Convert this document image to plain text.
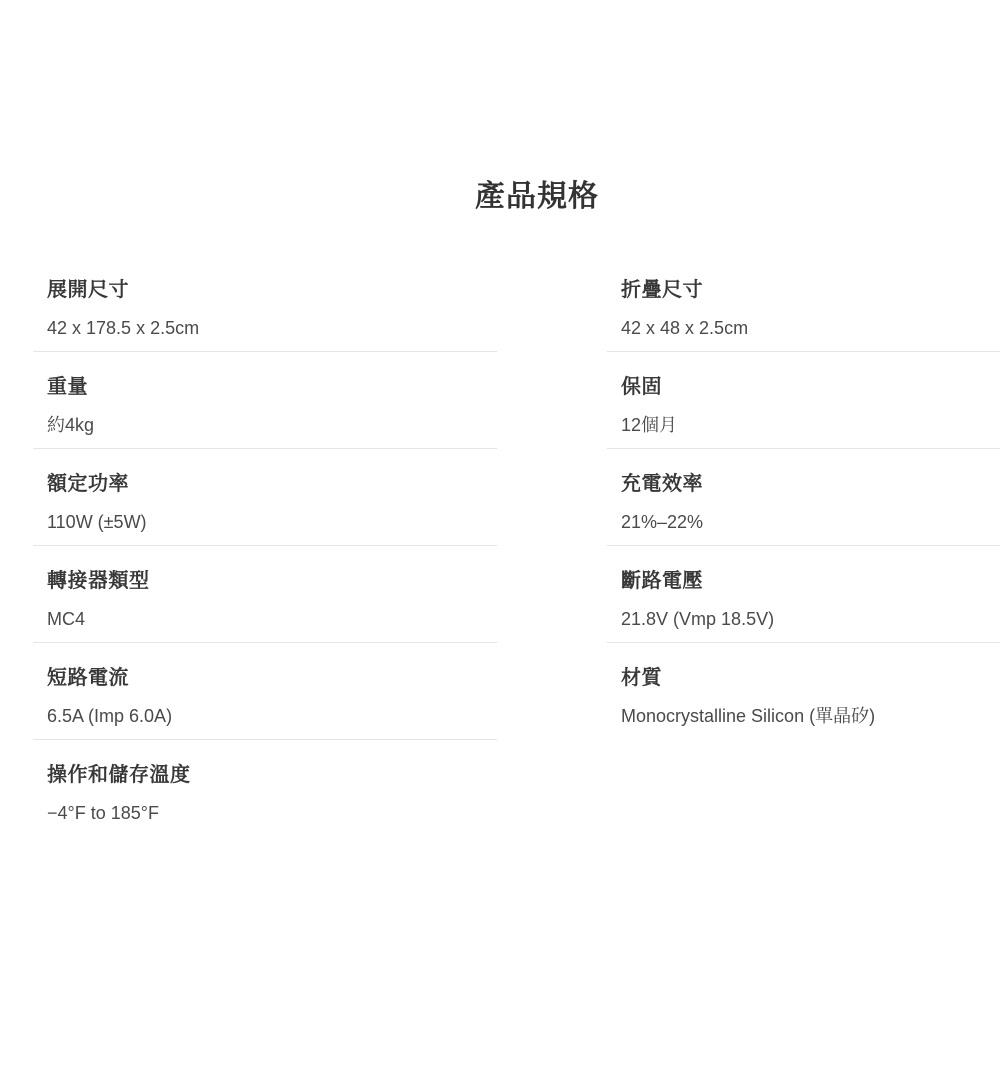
產品規格
展開尺寸
42 x 178.5 x 2.5cm
重量
約4kg
額定功率
110W (±5W)
轉接器類型
MC4
短路電流
6.5A (Imp 6.0A)
操作和儲存溫度
−4°F to 185°F
折疊尺寸
42 x 48 x 2.5cm
保固
12個月
充電效率
21%–22%
斷路電壓
21.8V (Vmp 18.5V)
材質
Monocrystalline Silicon (單晶矽)
